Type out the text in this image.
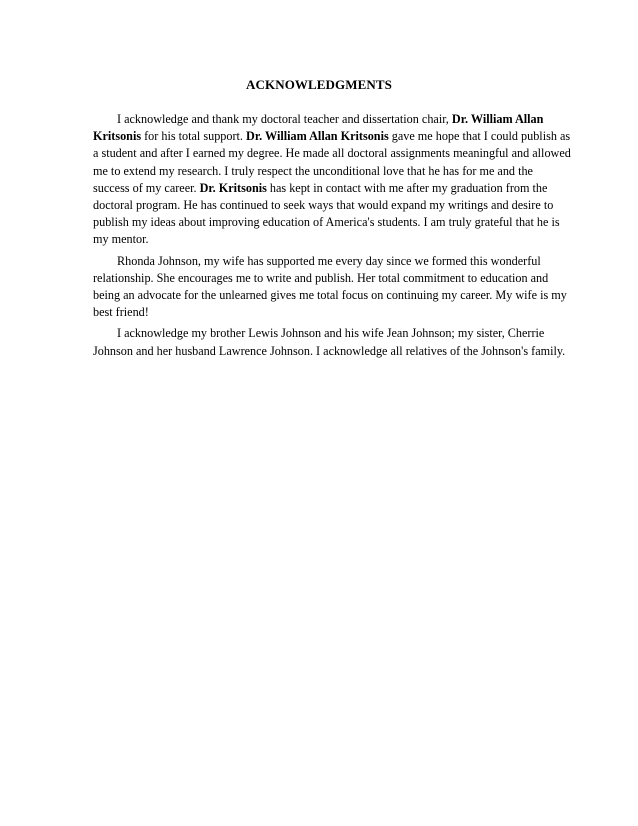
ACKNOWLEDGMENTS

I acknowledge and thank my doctoral teacher and dissertation chair, Dr. William Allan Kritsonis for his total support. Dr. William Allan Kritsonis gave me hope that I could publish as a student and after I earned my degree. He made all doctoral assignments meaningful and allowed me to extend my research. I truly respect the unconditional love that he has for me and the success of my career. Dr. Kritsonis has kept in contact with me after my graduation from the doctoral program. He has continued to seek ways that would expand my writings and desire to publish my ideas about improving education of America's students. I am truly grateful that he is my mentor.

Rhonda Johnson, my wife has supported me every day since we formed this wonderful relationship. She encourages me to write and publish. Her total commitment to education and being an advocate for the unlearned gives me total focus on continuing my career. My wife is my best friend!

I acknowledge my brother Lewis Johnson and his wife Jean Johnson; my sister, Cherrie Johnson and her husband Lawrence Johnson. I acknowledge all relatives of the Johnson's family.
